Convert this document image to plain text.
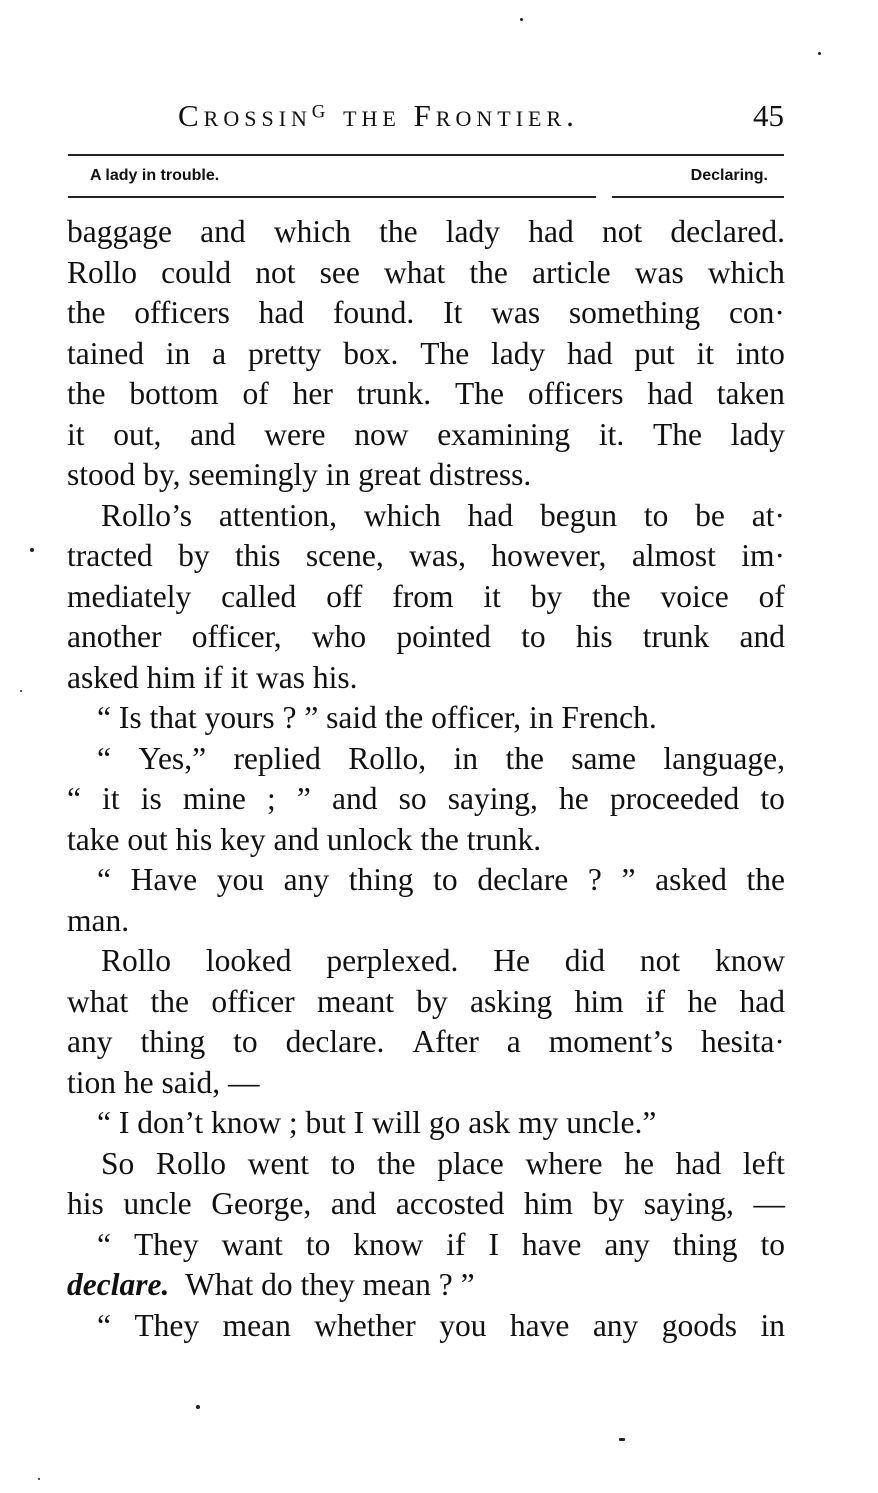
Crossinᴳ the Frontier.	45
A lady in trouble.	Declaring.
baggage and which the lady had not declared.
Rollo could not see what the article was which
the officers had found. It was something con·
tained in a pretty box. The lady had put it into
the bottom of her trunk. The officers had taken
it out, and were now examining it. The lady
stood by, seemingly in great distress.
Rollo’s attention, which had begun to be at·
tracted by this scene, was, however, almost im·
mediately called off from it by the voice of
another officer, who pointed to his trunk and
asked him if it was his.
“ Is that yours ? ” said the officer, in French.
“ Yes,” replied Rollo, in the same language,
“ it is mine ; ” and so saying, he proceeded to
take out his key and unlock the trunk.
“ Have you any thing to declare ? ” asked the
man.
Rollo looked perplexed. He did not know
what the officer meant by asking him if he had
any thing to declare. After a moment’s hesita·
tion he said, —
“ I don’t know ; but I will go ask my uncle.”
So Rollo went to the place where he had left
his uncle George, and accosted him by saying, —
“ They want to know if I have any thing to
declare.
What do they mean ? ”
“ They mean whether you have any goods in
